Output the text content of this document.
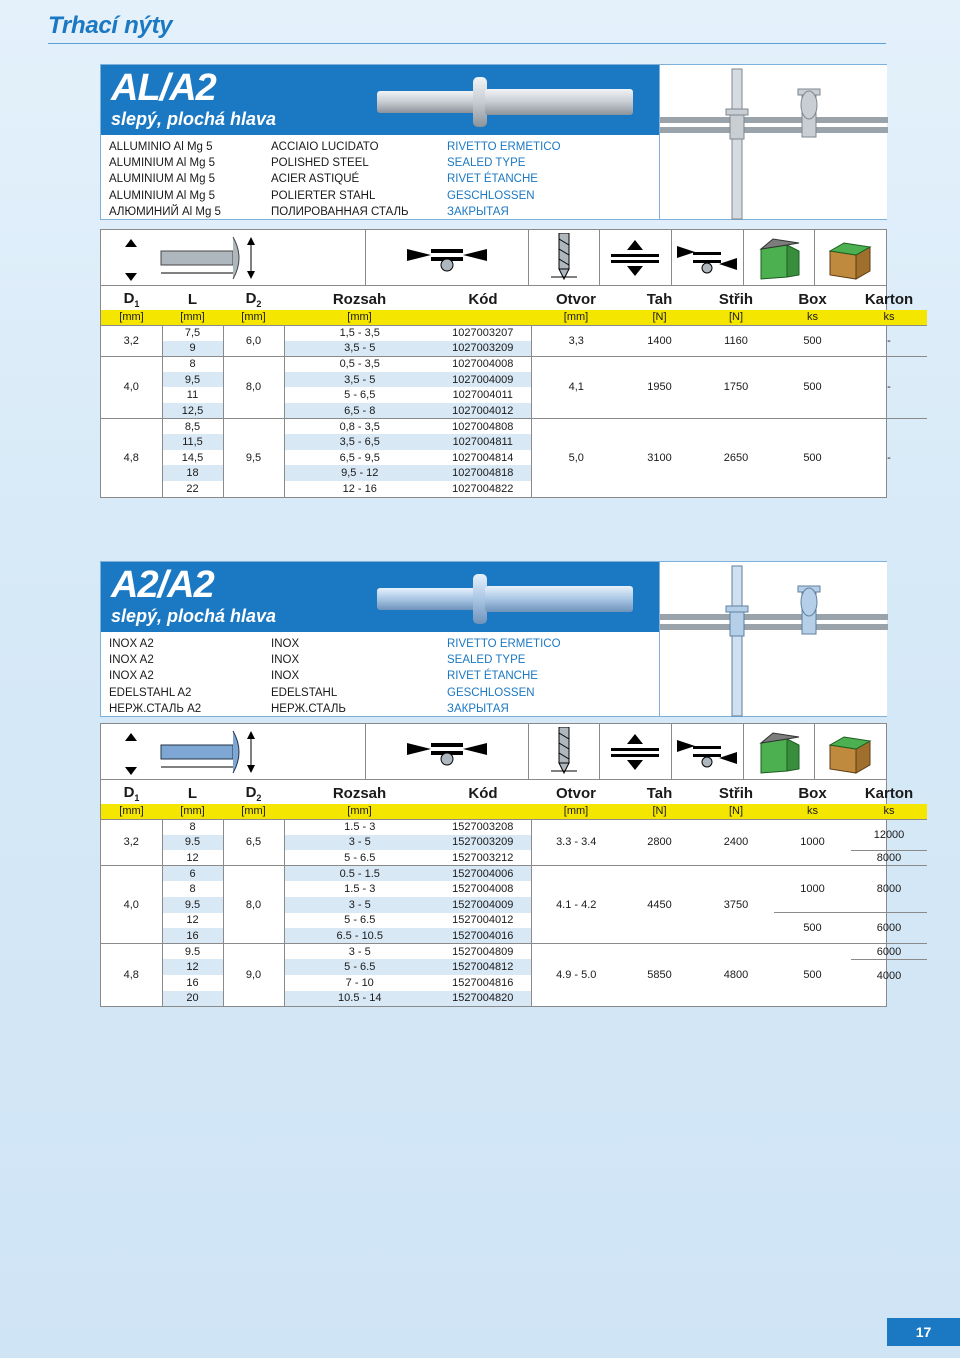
Trhací nýty
AL/A2
slepý, plochá hlava
ALLUMINIO Al Mg 5
ALUMINIUM Al Mg 5
ALUMINIUM Al Mg 5
ALUMINIUM Al Mg 5
АЛЮМИНИЙ Al Mg 5
ACCIAIO LUCIDATO
POLISHED STEEL
ACIER ASTIQUÉ
POLIERTER STAHL
ПОЛИРОВАННАЯ СТАЛЬ
RIVETTO ERMETICO
SEALED TYPE
RIVET ÉTANCHE
GESCHLOSSEN
ЗАКРЫТАЯ
$D_1$	L	$D_2$	Rozsah	Kód	Otvor	Tah	Střih	Box	Karton
[mm]	[mm]	[mm]	[mm]		[mm]	[N]	[N]	ks	ks
3,2	7,5	6,0	1,5 - 3,5	1027003207	3,3	1400	1160	500	-
	9		3,5 - 5	1027003209					
4,0	8	8,0	0,5 - 3,5	1027004008	4,1	1950	1750	500	-
	9,5		3,5 - 5	1027004009					
	11		5 - 6,5	1027004011					
	12,5		6,5 - 8	1027004012					
4,8	8,5	9,5	0,8 - 3,5	1027004808	5,0	3100	2650	500	-
	11,5		3,5 - 6,5	1027004811					
	14,5		6,5 - 9,5	1027004814					
	18		9,5 - 12	1027004818					
	22		12 - 16	1027004822					
A2/A2
slepý, plochá hlava
INOX A2
INOX A2
INOX A2
EDELSTAHL A2
НЕРЖ.СТАЛЬ A2
INOX
INOX
INOX
EDELSTAHL
НЕРЖ.СТАЛЬ
RIVETTO ERMETICO
SEALED TYPE
RIVET ÉTANCHE
GESCHLOSSEN
ЗАКРЫТАЯ
$D_1$	L	$D_2$	Rozsah	Kód	Otvor	Tah	Střih	Box	Karton
[mm]	[mm]	[mm]	[mm]		[mm]	[N]	[N]	ks	ks
3,2	8	6,5	1.5 - 3	1527003208	3.3 - 3.4	2800	2400	1000	12000
	9.5		3 - 5	1527003209					
	12		5 - 6.5	1527003212					8000
4,0	6	8,0	0.5 - 1.5	1527004006	4.1 - 4.2	4450	3750	1000	8000
	8		1.5 - 3	1527004008					
	9.5		3 - 5	1527004009					
	12		5 - 6.5	1527004012				500	6000
	16		6.5 - 10.5	1527004016					
4,8	9.5	9,0	3 - 5	1527004809	4.9 - 5.0	5850	4800	500	6000
	12		5 - 6.5	1527004812					4000
	16		7 - 10	1527004816					
	20		10.5 - 14	1527004820					
17
